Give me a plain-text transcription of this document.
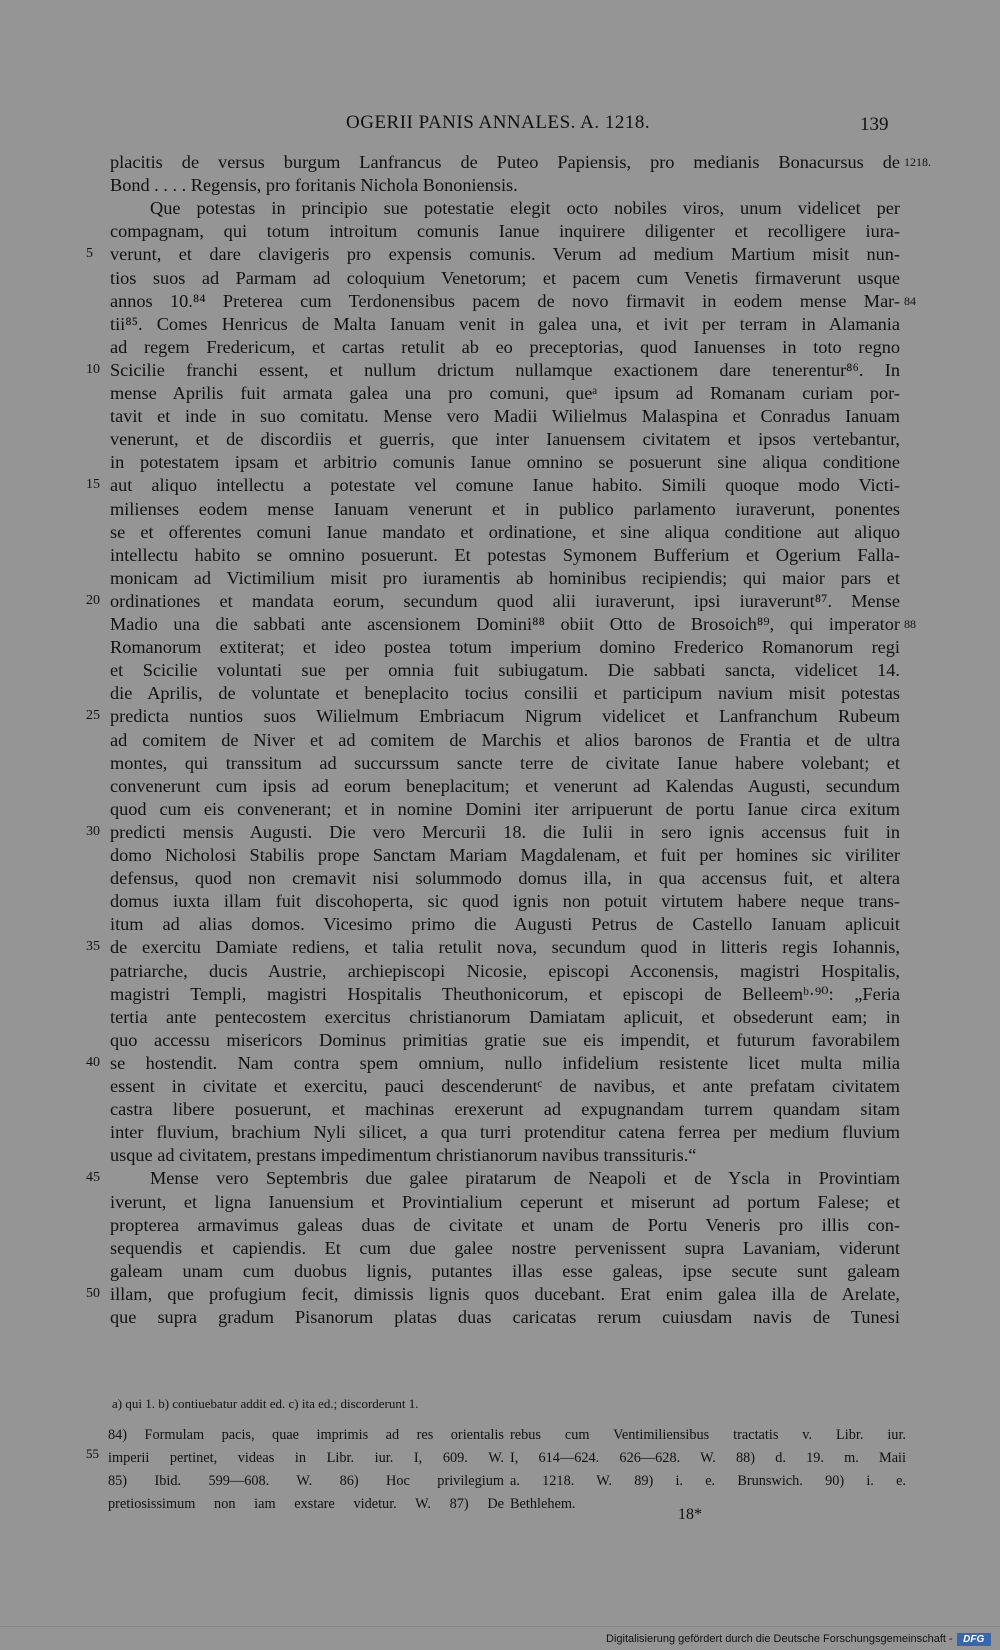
OGERII PANIS ANNALES. A. 1218.	139
placitis de versus burgum Lanfrancus de Puteo Papiensis, pro medianis Bonacursus de 1218.
Bond . . . . Regensis, pro foritanis Nichola Bononiensis.
Que potestas in principio sue potestatie elegit octo nobiles viros, unum videlicet per
compagnam, qui totum introitum comunis Ianue inquirere diligenter et recolligere iura-
verunt, et dare clavigeris pro expensis comunis. Verum ad medium Martium misit nun-
5
tios suos ad Parmam ad coloquium Venetorum; et pacem cum Venetis firmaverunt usque
annos 10.⁸⁴ Preterea cum Terdonensibus pacem de novo firmavit in eodem mense Mar- 84
tii⁸⁵. Comes Henricus de Malta Ianuam venit in galea una, et ivit per terram in Alamania
ad regem Fredericum, et cartas retulit ab eo preceptorias, quod Ianuenses in toto regno
Scicilie franchi essent, et nullum drictum nullamque exactionem dare tenerentur⁸⁶. In
10
mense Aprilis fuit armata galea una pro comuni, queᵃ ipsum ad Romanam curiam por-
tavit et inde in suo comitatu. Mense vero Madii Wilielmus Malaspina et Conradus Ianuam
venerunt, et de discordiis et guerris, que inter Ianuensem civitatem et ipsos vertebantur,
in potestatem ipsam et arbitrio comunis Ianue omnino se posuerunt sine aliqua conditione
aut aliquo intellectu a potestate vel comune Ianue habito. Simili quoque modo Victi-
15
milienses eodem mense Ianuam venerunt et in publico parlamento iuraverunt, ponentes
se et offerentes comuni Ianue mandato et ordinatione, et sine aliqua conditione aut aliquo
intellectu habito se omnino posuerunt. Et potestas Symonem Bufferium et Ogerium Falla-
monicam ad Victimilium misit pro iuramentis ab hominibus recipiendis; qui maior pars et
ordinationes et mandata eorum, secundum quod alii iuraverunt, ipsi iuraverunt⁸⁷. Mense
20
Madio una die sabbati ante ascensionem Domini⁸⁸ obiit Otto de Brosoich⁸⁹, qui imperator 88
Romanorum extiterat; et ideo postea totum imperium domino Frederico Romanorum regi
et Scicilie voluntati sue per omnia fuit subiugatum. Die sabbati sancta, videlicet 14.
die Aprilis, de voluntate et beneplacito tocius consilii et participum navium misit potestas
predicta nuntios suos Wilielmum Embriacum Nigrum videlicet et Lanfranchum Rubeum
25
ad comitem de Niver et ad comitem de Marchis et alios baronos de Frantia et de ultra
montes, qui transsitum ad succurssum sancte terre de civitate Ianue habere volebant; et
convenerunt cum ipsis ad eorum beneplacitum; et venerunt ad Kalendas Augusti, secundum
quod cum eis convenerant; et in nomine Domini iter arripuerunt de portu Ianue circa exitum
predicti mensis Augusti. Die vero Mercurii 18. die Iulii in sero ignis accensus fuit in
30
domo Nicholosi Stabilis prope Sanctam Mariam Magdalenam, et fuit per homines sic viriliter
defensus, quod non cremavit nisi solummodo domus illa, in qua accensus fuit, et altera
domus iuxta illam fuit discohoperta, sic quod ignis non potuit virtutem habere neque trans-
itum ad alias domos. Vicesimo primo die Augusti Petrus de Castello Ianuam aplicuit
de exercitu Damiate rediens, et talia retulit nova, secundum quod in litteris regis Iohannis,
35
patriarche, ducis Austrie, archiepiscopi Nicosie, episcopi Acconensis, magistri Hospitalis,
magistri Templi, magistri Hospitalis Theuthonicorum, et episcopi de Belleemᵇ·⁹⁰: „Feria
tertia ante pentecostem exercitus christianorum Damiatam aplicuit, et obsederunt eam; in
quo accessu misericors Dominus primitias gratie sue eis impendit, et futurum favorabilem
se hostendit. Nam contra spem omnium, nullo infidelium resistente licet multa milia
40
essent in civitate et exercitu, pauci descenderuntᶜ de navibus, et ante prefatam civitatem
castra libere posuerunt, et machinas erexerunt ad expugnandam turrem quandam sitam
inter fluvium, brachium Nyli silicet, a qua turri protenditur catena ferrea per medium fluvium
usque ad civitatem, prestans impedimentum christianorum navibus transsituris.“
Mense vero Septembris due galee piratarum de Neapoli et de Yscla in Provintiam
45
iverunt, et ligna Ianuensium et Provintialium ceperunt et miserunt ad portum Falese; et
propterea armavimus galeas duas de civitate et unam de Portu Veneris pro illis con-
sequendis et capiendis. Et cum due galee nostre pervenissent supra Lavaniam, viderunt
galeam unam cum duobus lignis, putantes illas esse galeas, ipse secute sunt galeam
illam, que profugium fecit, dimissis lignis quos ducebant. Erat enim galea illa de Arelate,
50
que supra gradum Pisanorum platas duas caricatas rerum cuiusdam navis de Tunesi
a) qui 1. b) contiuebatur addit ed. c) ita ed.; discorderunt 1.
84) Formulam pacis, quae imprimis ad res orientalis
imperii pertinet, videas in Libr. iur. I, 609. W.
85) Ibid. 599—608. W. 86) Hoc privilegium
pretiosissimum non iam exstare videtur. W. 87) De
rebus cum Ventimiliensibus tractatis v. Libr. iur.
I, 614—624. 626—628. W. 88) d. 19. m. Maii
a. 1218. W. 89) i. e. Brunswich. 90) i. e.
Bethlehem.
55
18*
Digitalisierung gefördert durch die Deutsche Forschungsgemeinschaft -	DFG
